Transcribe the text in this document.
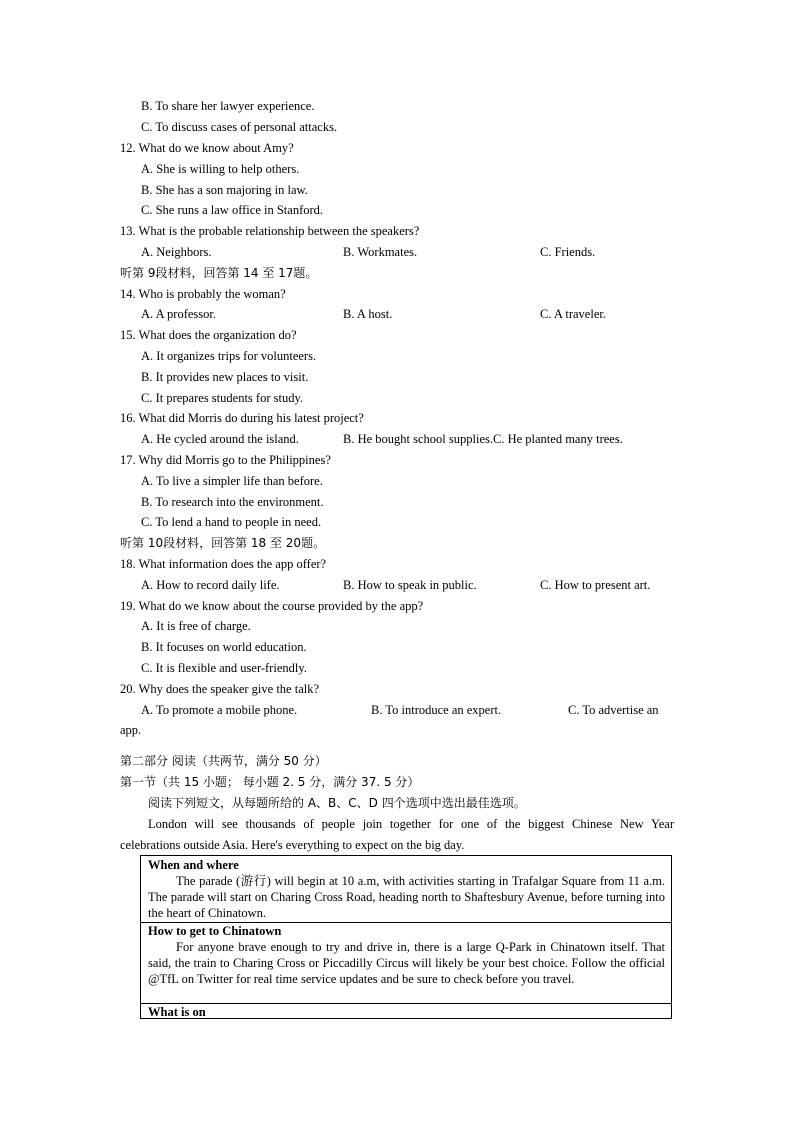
B. To share her lawyer experience.
C. To discuss cases of personal attacks.
12. What do we know about Amy?
A. She is willing to help others.
B. She has a son majoring in law.
C. She runs a law office in Stanford.
13. What is the probable relationship between the speakers?
A. Neighbors.	B. Workmates.	C. Friends.
听第 9段材料，回答第 14 至 17题。
14. Who is probably the woman?
A. A professor.	B. A host.	C. A traveler.
15. What does the organization do?
A. It organizes trips for volunteers.
B. It provides new places to visit.
C. It prepares students for study.
16. What did Morris do during his latest project?
A. He cycled around the island.	B. He bought school supplies.C. He planted many trees.
17. Why did Morris go to the Philippines?
A. To live a simpler life than before.
B. To research into the environment.
C. To lend a hand to people in need.
听第 10段材料，回答第 18 至 20题。
18. What information does the app offer?
A. How to record daily life.	B. How to speak in public.	C. How to present art.
19. What do we know about the course provided by the app?
A. It is free of charge.
B. It focuses on world education.
C. It is flexible and user-friendly.
20. Why does the speaker give the talk?
A. To promote a mobile phone.	B. To introduce an expert.	C. To advertise an
app.
第二部分 阅读（共两节，满分 50 分）
第一节（共 15 小题； 每小题 2. 5 分，满分 37. 5 分）
阅读下列短文，从每题所给的 A、B、C、D 四个选项中选出最佳选项。
London will see thousands of people join together for one of the biggest Chinese New Year
celebrations outside Asia. Here's everything to expect on the big day.
When and where
The parade (游行) will begin at 10 a.m, with activities starting in Trafalgar Square from 11 a.m. The parade will start on Charing Cross Road, heading north to Shaftesbury Avenue, before turning into the heart of Chinatown.
How to get to Chinatown
For anyone brave enough to try and drive in, there is a large Q-Park in Chinatown itself. That said, the train to Charing Cross or Piccadilly Circus will likely be your best choice. Follow the official @TfL on Twitter for real time service updates and be sure to check before you travel.
What is on
